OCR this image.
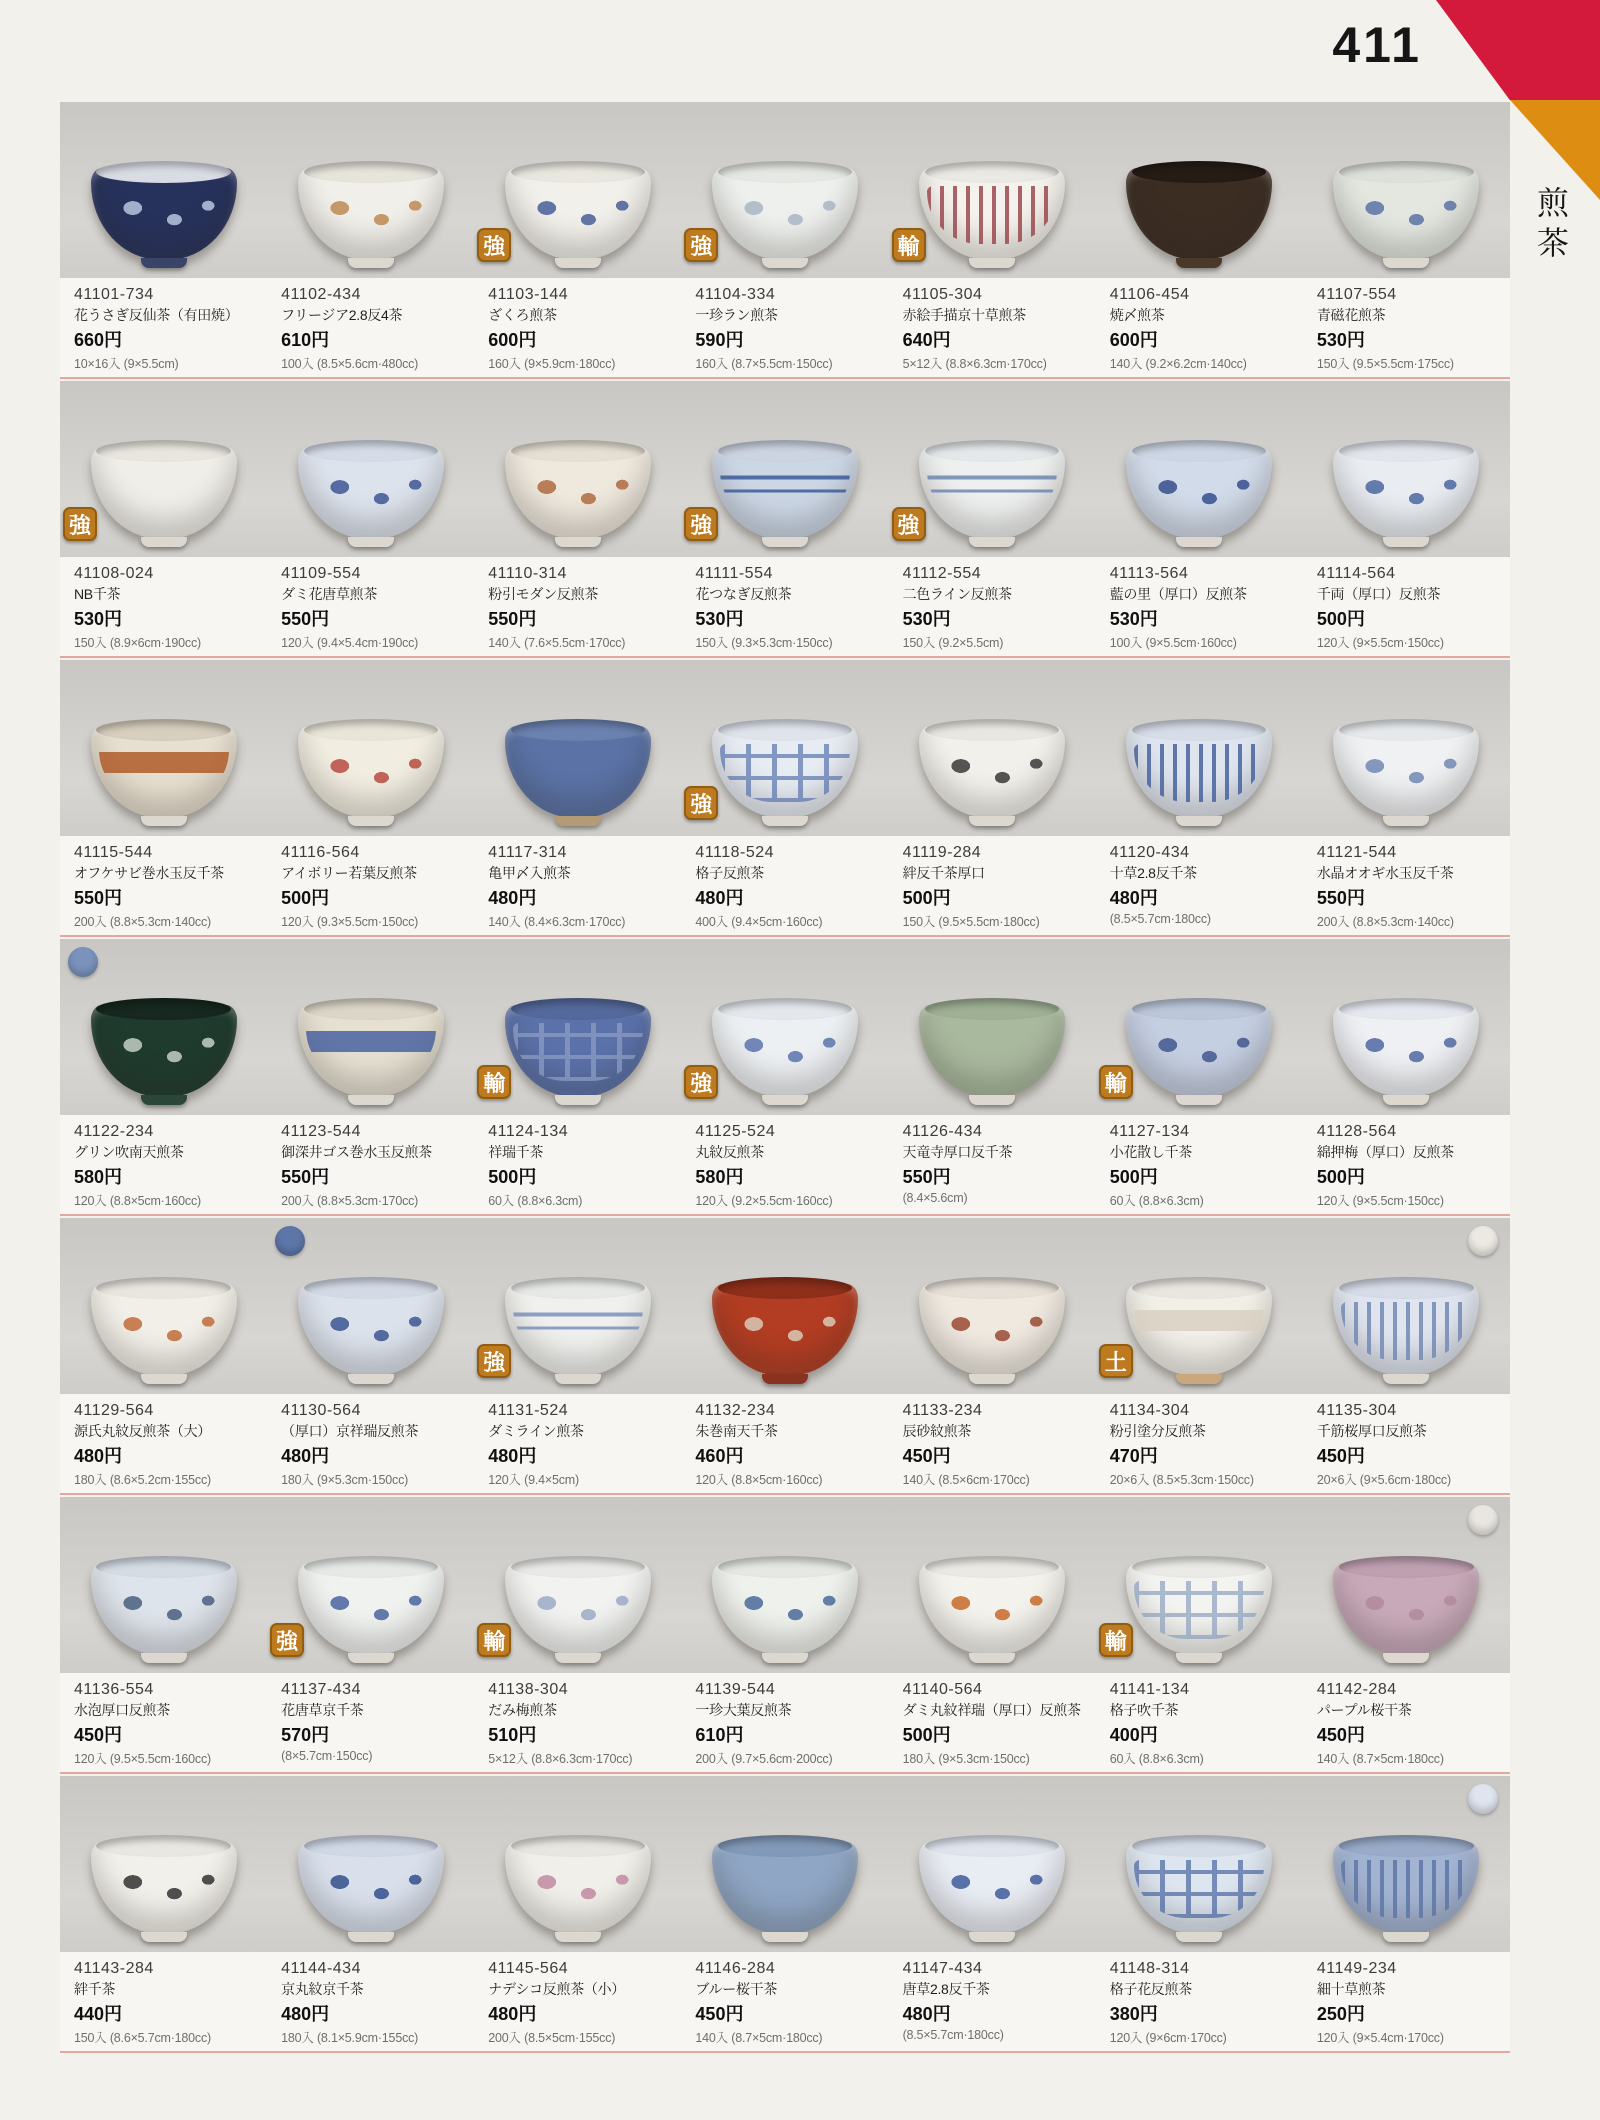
411
煎茶
41101-734
花うさぎ反仙茶（有田焼）
660円
10×16入 (9×5.5cm)
41102-434
フリージア2.8反4茶
610円
100入 (8.5×5.6cm·480cc)
強
41103-144
ざくろ煎茶
600円
160入 (9×5.9cm·180cc)
強
41104-334
一珍ラン煎茶
590円
160入 (8.7×5.5cm·150cc)
輸
41105-304
赤絵手描京十草煎茶
640円
5×12入 (8.8×6.3cm·170cc)
41106-454
焼〆煎茶
600円
140入 (9.2×6.2cm·140cc)
41107-554
青磁花煎茶
530円
150入 (9.5×5.5cm·175cc)
強
41108-024
NB千茶
530円
150入 (8.9×6cm·190cc)
41109-554
ダミ花唐草煎茶
550円
120入 (9.4×5.4cm·190cc)
41110-314
粉引モダン反煎茶
550円
140入 (7.6×5.5cm·170cc)
強
41111-554
花つなぎ反煎茶
530円
150入 (9.3×5.3cm·150cc)
強
41112-554
二色ライン反煎茶
530円
150入 (9.2×5.5cm)
41113-564
藍の里（厚口）反煎茶
530円
100入 (9×5.5cm·160cc)
41114-564
千両（厚口）反煎茶
500円
120入 (9×5.5cm·150cc)
41115-544
オフケサビ巻水玉反千茶
550円
200入 (8.8×5.3cm·140cc)
41116-564
アイボリー若葉反煎茶
500円
120入 (9.3×5.5cm·150cc)
41117-314
亀甲〆入煎茶
480円
140入 (8.4×6.3cm·170cc)
強
41118-524
格子反煎茶
480円
400入 (9.4×5cm·160cc)
41119-284
絆反千茶厚口
500円
150入 (9.5×5.5cm·180cc)
41120-434
十草2.8反千茶
480円
(8.5×5.7cm·180cc)
41121-544
水晶オオギ水玉反千茶
550円
200入 (8.8×5.3cm·140cc)
41122-234
グリン吹南天煎茶
580円
120入 (8.8×5cm·160cc)
41123-544
御深井ゴス巻水玉反煎茶
550円
200入 (8.8×5.3cm·170cc)
輸
41124-134
祥瑞千茶
500円
60入 (8.8×6.3cm)
強
41125-524
丸紋反煎茶
580円
120入 (9.2×5.5cm·160cc)
41126-434
天竜寺厚口反千茶
550円
(8.4×5.6cm)
輸
41127-134
小花散し千茶
500円
60入 (8.8×6.3cm)
41128-564
綿押梅（厚口）反煎茶
500円
120入 (9×5.5cm·150cc)
41129-564
源氏丸紋反煎茶（大）
480円
180入 (8.6×5.2cm·155cc)
41130-564
（厚口）京祥瑞反煎茶
480円
180入 (9×5.3cm·150cc)
強
41131-524
ダミライン煎茶
480円
120入 (9.4×5cm)
41132-234
朱巻南天千茶
460円
120入 (8.8×5cm·160cc)
41133-234
辰砂紋煎茶
450円
140入 (8.5×6cm·170cc)
土
41134-304
粉引塗分反煎茶
470円
20×6入 (8.5×5.3cm·150cc)
41135-304
千筋桜厚口反煎茶
450円
20×6入 (9×5.6cm·180cc)
41136-554
水泡厚口反煎茶
450円
120入 (9.5×5.5cm·160cc)
強
41137-434
花唐草京千茶
570円
(8×5.7cm·150cc)
輸
41138-304
だみ梅煎茶
510円
5×12入 (8.8×6.3cm·170cc)
41139-544
一珍大葉反煎茶
610円
200入 (9.7×5.6cm·200cc)
41140-564
ダミ丸紋祥瑞（厚口）反煎茶
500円
180入 (9×5.3cm·150cc)
輸
41141-134
格子吹千茶
400円
60入 (8.8×6.3cm)
41142-284
パープル桜干茶
450円
140入 (8.7×5cm·180cc)
41143-284
絆千茶
440円
150入 (8.6×5.7cm·180cc)
41144-434
京丸紋京千茶
480円
180入 (8.1×5.9cm·155cc)
41145-564
ナデシコ反煎茶（小）
480円
200入 (8.5×5cm·155cc)
41146-284
ブルー桜干茶
450円
140入 (8.7×5cm·180cc)
41147-434
唐草2.8反千茶
480円
(8.5×5.7cm·180cc)
41148-314
格子花反煎茶
380円
120入 (9×6cm·170cc)
41149-234
細十草煎茶
250円
120入 (9×5.4cm·170cc)
